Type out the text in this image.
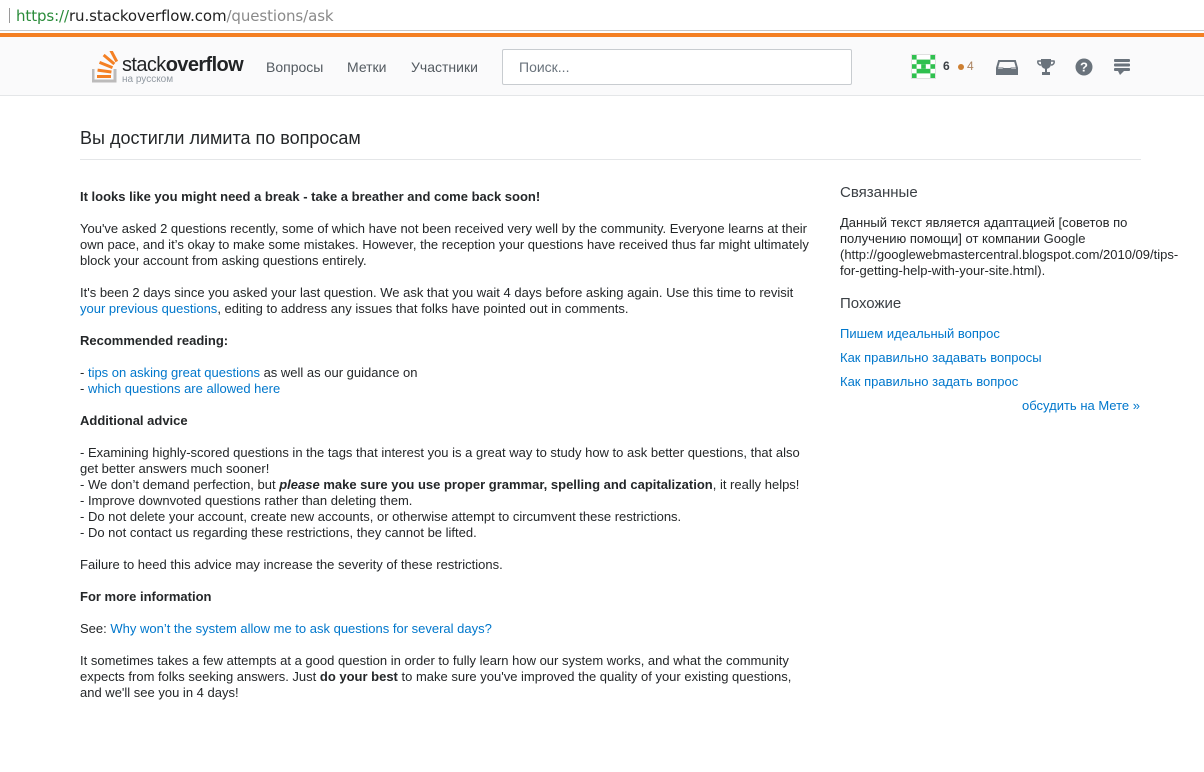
https://ru.stackoverflow.com/questions/ask
stackoverflow
на русском
Вопросы Метки Участники
Поиск...	6 4	?
Вы достигли лимита по вопросам

It looks like you might need a break - take a breather and come back soon!

You've asked 2 questions recently, some of which have not been received very well by the community. Everyone learns at their own pace, and it’s okay to make some mistakes. However, the reception your questions have received thus far might ultimately block your account from asking questions entirely.

It's been 2 days since you asked your last question. We ask that you wait 4 days before asking again. Use this time to revisit your previous questions, editing to address any issues that folks have pointed out in comments.

Recommended reading:

- tips on asking great questions as well as our guidance on
- which questions are allowed here

Additional advice

- Examining highly-scored questions in the tags that interest you is a great way to study how to ask better questions, that also get better answers much sooner!
- We don’t demand perfection, but please make sure you use proper grammar, spelling and capitalization, it really helps!
- Improve downvoted questions rather than deleting them.
- Do not delete your account, create new accounts, or otherwise attempt to circumvent these restrictions.
- Do not contact us regarding these restrictions, they cannot be lifted.

Failure to heed this advice may increase the severity of these restrictions.

For more information

See: Why won’t the system allow me to ask questions for several days?

It sometimes takes a few attempts at a good question in order to fully learn how our system works, and what the community expects from folks seeking answers. Just do your best to make sure you've improved the quality of your existing questions, and we'll see you in 4 days!

Связанные
Данный текст является адаптацией [советов по получению помощи] от компании Google (http://googlewebmastercentral.blogspot.com/2010/09/tips-for-getting-help-with-your-site.html).
Похожие
Пишем идеальный вопрос
Как правильно задавать вопросы
Как правильно задать вопрос
обсудить на Мете »
